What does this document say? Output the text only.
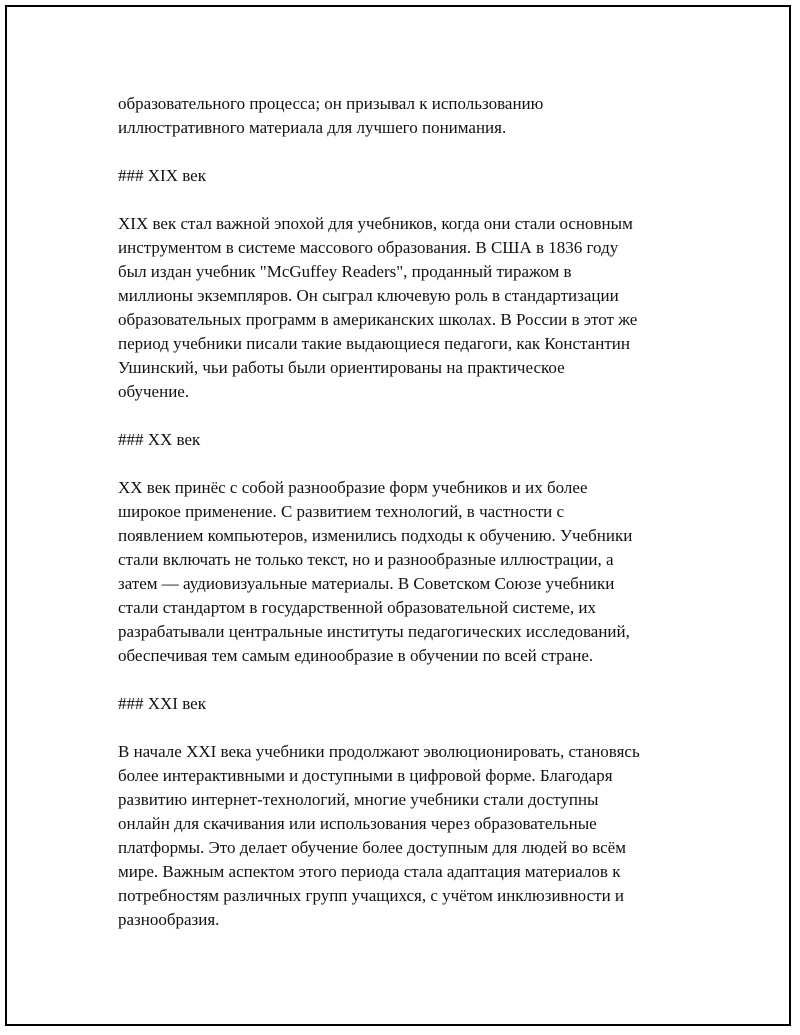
образовательного процесса; он призывал к использованию
иллюстративного материала для лучшего понимания.

### XIX век

XIX век стал важной эпохой для учебников, когда они стали основным
инструментом в системе массового образования. В США в 1836 году
был издан учебник "McGuffey Readers", проданный тиражом в
миллионы экземпляров. Он сыграл ключевую роль в стандартизации
образовательных программ в американских школах. В России в этот же
период учебники писали такие выдающиеся педагоги, как Константин
Ушинский, чьи работы были ориентированы на практическое
обучение.

### XX век

XX век принёс с собой разнообразие форм учебников и их более
широкое применение. С развитием технологий, в частности с
появлением компьютеров, изменились подходы к обучению. Учебники
стали включать не только текст, но и разнообразные иллюстрации, а
затем — аудиовизуальные материалы. В Советском Союзе учебники
стали стандартом в государственной образовательной системе, их
разрабатывали центральные институты педагогических исследований,
обеспечивая тем самым единообразие в обучении по всей стране.

### XXI век

В начале XXI века учебники продолжают эволюционировать, становясь
более интерактивными и доступными в цифровой форме. Благодаря
развитию интернет-технологий, многие учебники стали доступны
онлайн для скачивания или использования через образовательные
платформы. Это делает обучение более доступным для людей во всём
мире. Важным аспектом этого периода стала адаптация материалов к
потребностям различных групп учащихся, с учётом инклюзивности и
разнообразия.
